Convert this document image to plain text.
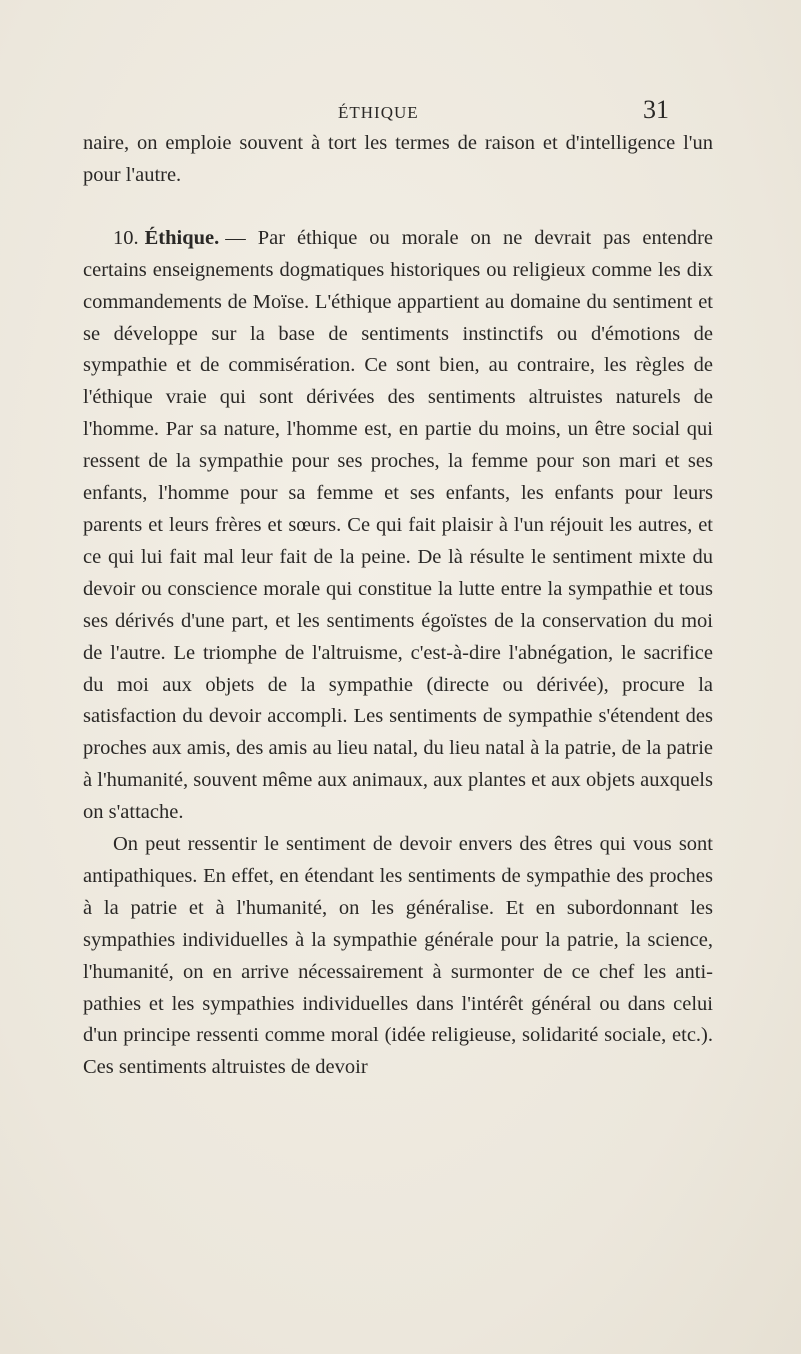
ÉTHIQUE	31

naire, on emploie souvent à tort les termes de raison et d'intelligence l'un pour l'autre.

10. Éthique. — Par éthique ou morale on ne devrait pas entendre certains enseignements dogmatiques historiques ou religieux comme les dix commandements de Moïse. L'éthique appartient au domaine du sentiment et se développe sur la base de sentiments instinctifs ou d'émotions de sympathie et de commisération. Ce sont bien, au contraire, les règles de l'éthique vraie qui sont dérivées des sentiments altruistes naturels de l'homme. Par sa nature, l'homme est, en partie du moins, un être social qui ressent de la sympathie pour ses proches, la femme pour son mari et ses enfants, l'homme pour sa femme et ses enfants, les enfants pour leurs parents et leurs frères et sœurs. Ce qui fait plaisir à l'un réjouit les autres, et ce qui lui fait mal leur fait de la peine. De là résulte le sentiment mixte du devoir ou conscience morale qui constitue la lutte entre la sympathie et tous ses dérivés d'une part, et les sentiments égoïstes de la conservation du moi de l'autre. Le triomphe de l'altruisme, c'est-à-dire l'abnégation, le sacrifice du moi aux objets de la sympathie (directe ou dérivée), procure la satisfaction du devoir accompli. Les sentiments de sympathie s'étendent des proches aux amis, des amis au lieu natal, du lieu natal à la patrie, de la patrie à l'humanité, souvent même aux animaux, aux plantes et aux objets auxquels on s'attache.

On peut ressentir le sentiment de devoir envers des êtres qui vous sont antipathiques. En effet, en étendant les sentiments de sympathie des proches à la patrie et à l'humanité, on les généralise. Et en subordonnant les sympathies individuelles à la sympathie générale pour la patrie, la science, l'humanité, on en arrive nécessairement à surmonter de ce chef les antipathies et les sympathies individuelles dans l'intérêt général ou dans celui d'un principe ressenti comme moral (idée religieuse, solidarité sociale, etc.). Ces sentiments altruistes de devoir
